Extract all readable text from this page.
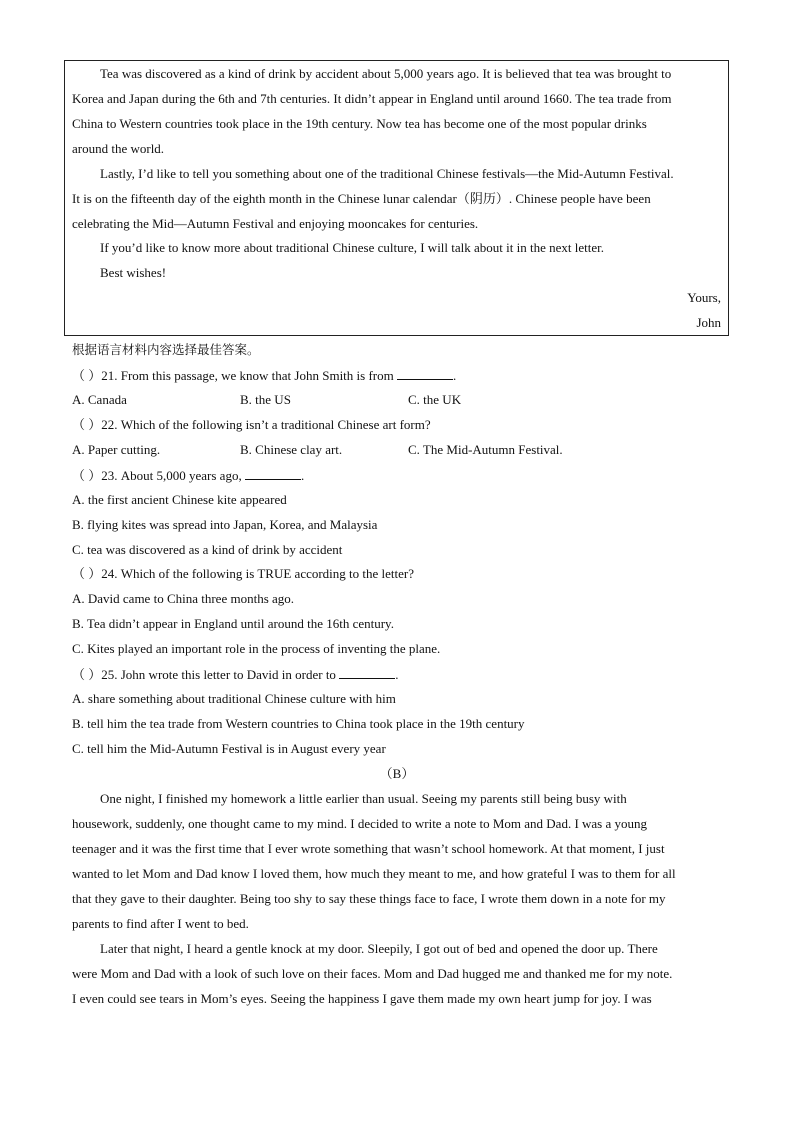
Tea was discovered as a kind of drink by accident about 5,000 years ago. It is believed that tea was brought to
Korea and Japan during the 6th and 7th centuries. It didn’t appear in England until around 1660. The tea trade from
China to Western countries took place in the 19th century. Now tea has become one of the most popular drinks
around the world.
Lastly, I’d like to tell you something about one of the traditional Chinese festivals—the Mid-Autumn Festival.
It is on the fifteenth day of the eighth month in the Chinese lunar calendar（阴历）. Chinese people have been
celebrating the Mid—Autumn Festival and enjoying mooncakes for centuries.
If you’d like to know more about traditional Chinese culture, I will talk about it in the next letter.
Best wishes!
Yours,
John
根据语言材料内容选择最佳答案。
（ ）21. From this passage, we know that John Smith is from	.
A. Canada	B. the US	C. the UK
（ ）22. Which of the following isn’t a traditional Chinese art form?
A. Paper cutting.	B. Chinese clay art.	C. The Mid-Autumn Festival.
（ ）23. About 5,000 years ago,	.
A. the first ancient Chinese kite appeared
B. flying kites was spread into Japan, Korea, and Malaysia
C. tea was discovered as a kind of drink by accident
（ ）24. Which of the following is TRUE according to the letter?
A. David came to China three months ago.
B. Tea didn’t appear in England until around the 16th century.
C. Kites played an important role in the process of inventing the plane.
（ ）25. John wrote this letter to David in order to	.
A. share something about traditional Chinese culture with him
B. tell him the tea trade from Western countries to China took place in the 19th century
C. tell him the Mid-Autumn Festival is in August every year
（B）
One night, I finished my homework a little earlier than usual. Seeing my parents still being busy with
housework, suddenly, one thought came to my mind. I decided to write a note to Mom and Dad. I was a young
teenager and it was the first time that I ever wrote something that wasn’t school homework. At that moment, I just
wanted to let Mom and Dad know I loved them, how much they meant to me, and how grateful I was to them for all
that they gave to their daughter. Being too shy to say these things face to face, I wrote them down in a note for my
parents to find after I went to bed.
Later that night, I heard a gentle knock at my door. Sleepily, I got out of bed and opened the door up. There
were Mom and Dad with a look of such love on their faces. Mom and Dad hugged me and thanked me for my note.
I even could see tears in Mom’s eyes. Seeing the happiness I gave them made my own heart jump for joy. I was
